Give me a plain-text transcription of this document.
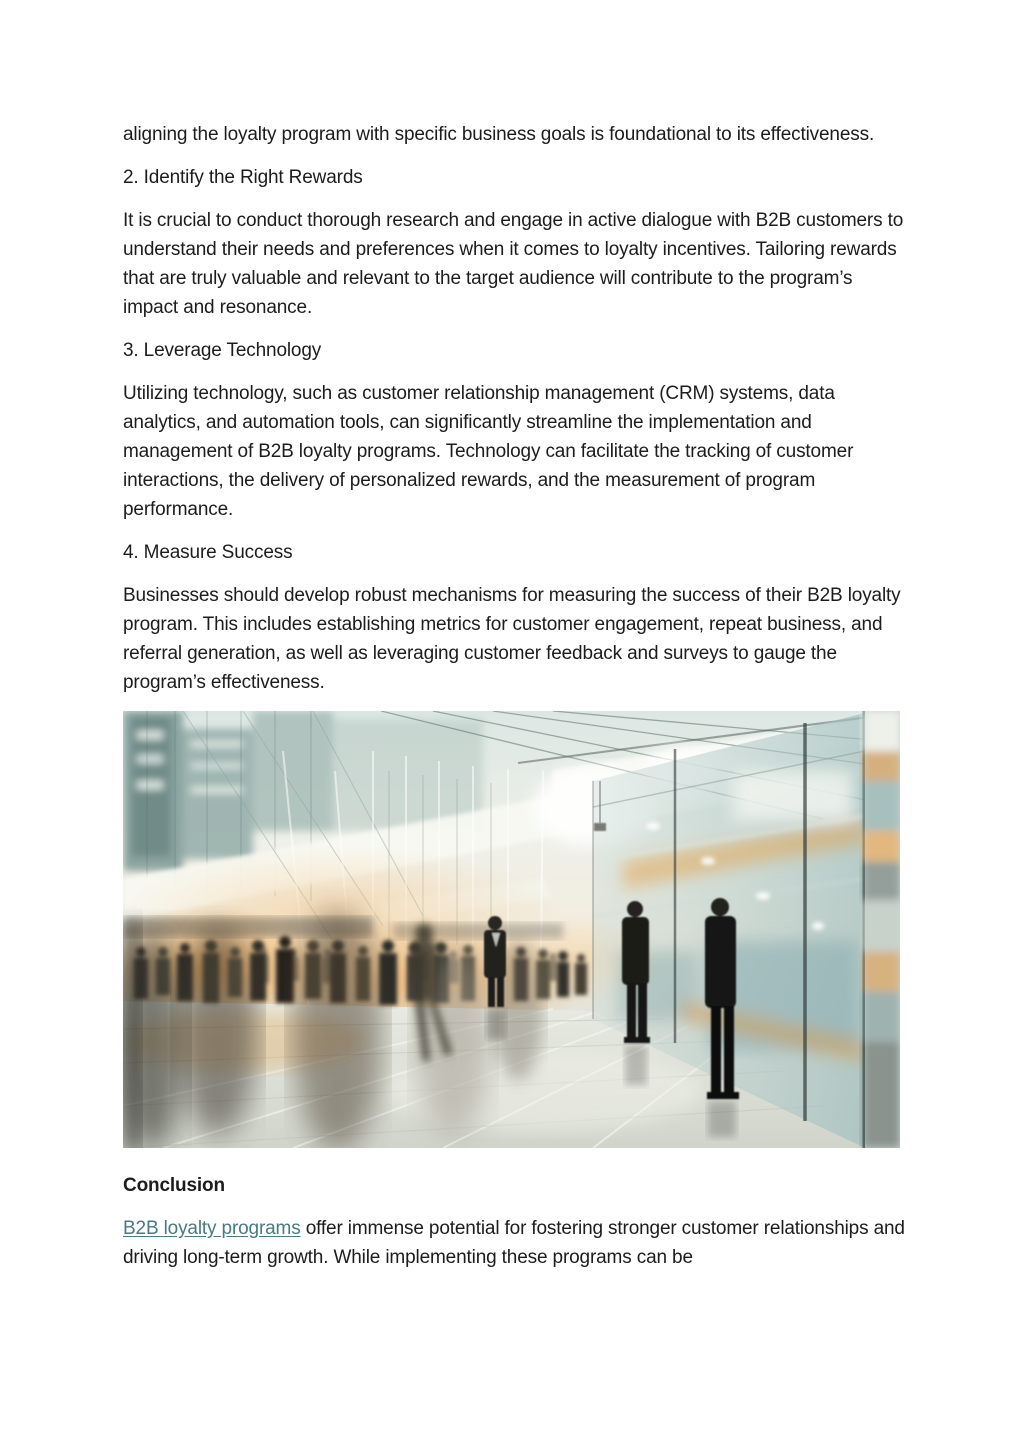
aligning the loyalty program with specific business goals is foundational to its effectiveness.

2. Identify the Right Rewards

It is crucial to conduct thorough research and engage in active dialogue with B2B customers to understand their needs and preferences when it comes to loyalty incentives. Tailoring rewards that are truly valuable and relevant to the target audience will contribute to the program’s impact and resonance.

3. Leverage Technology

Utilizing technology, such as customer relationship management (CRM) systems, data analytics, and automation tools, can significantly streamline the implementation and management of B2B loyalty programs. Technology can facilitate the tracking of customer interactions, the delivery of personalized rewards, and the measurement of program performance.

4. Measure Success

Businesses should develop robust mechanisms for measuring the success of their B2B loyalty program. This includes establishing metrics for customer engagement, repeat business, and referral generation, as well as leveraging customer feedback and surveys to gauge the program’s effectiveness.

Conclusion

B2B loyalty programs offer immense potential for fostering stronger customer relationships and driving long-term growth. While implementing these programs can be
